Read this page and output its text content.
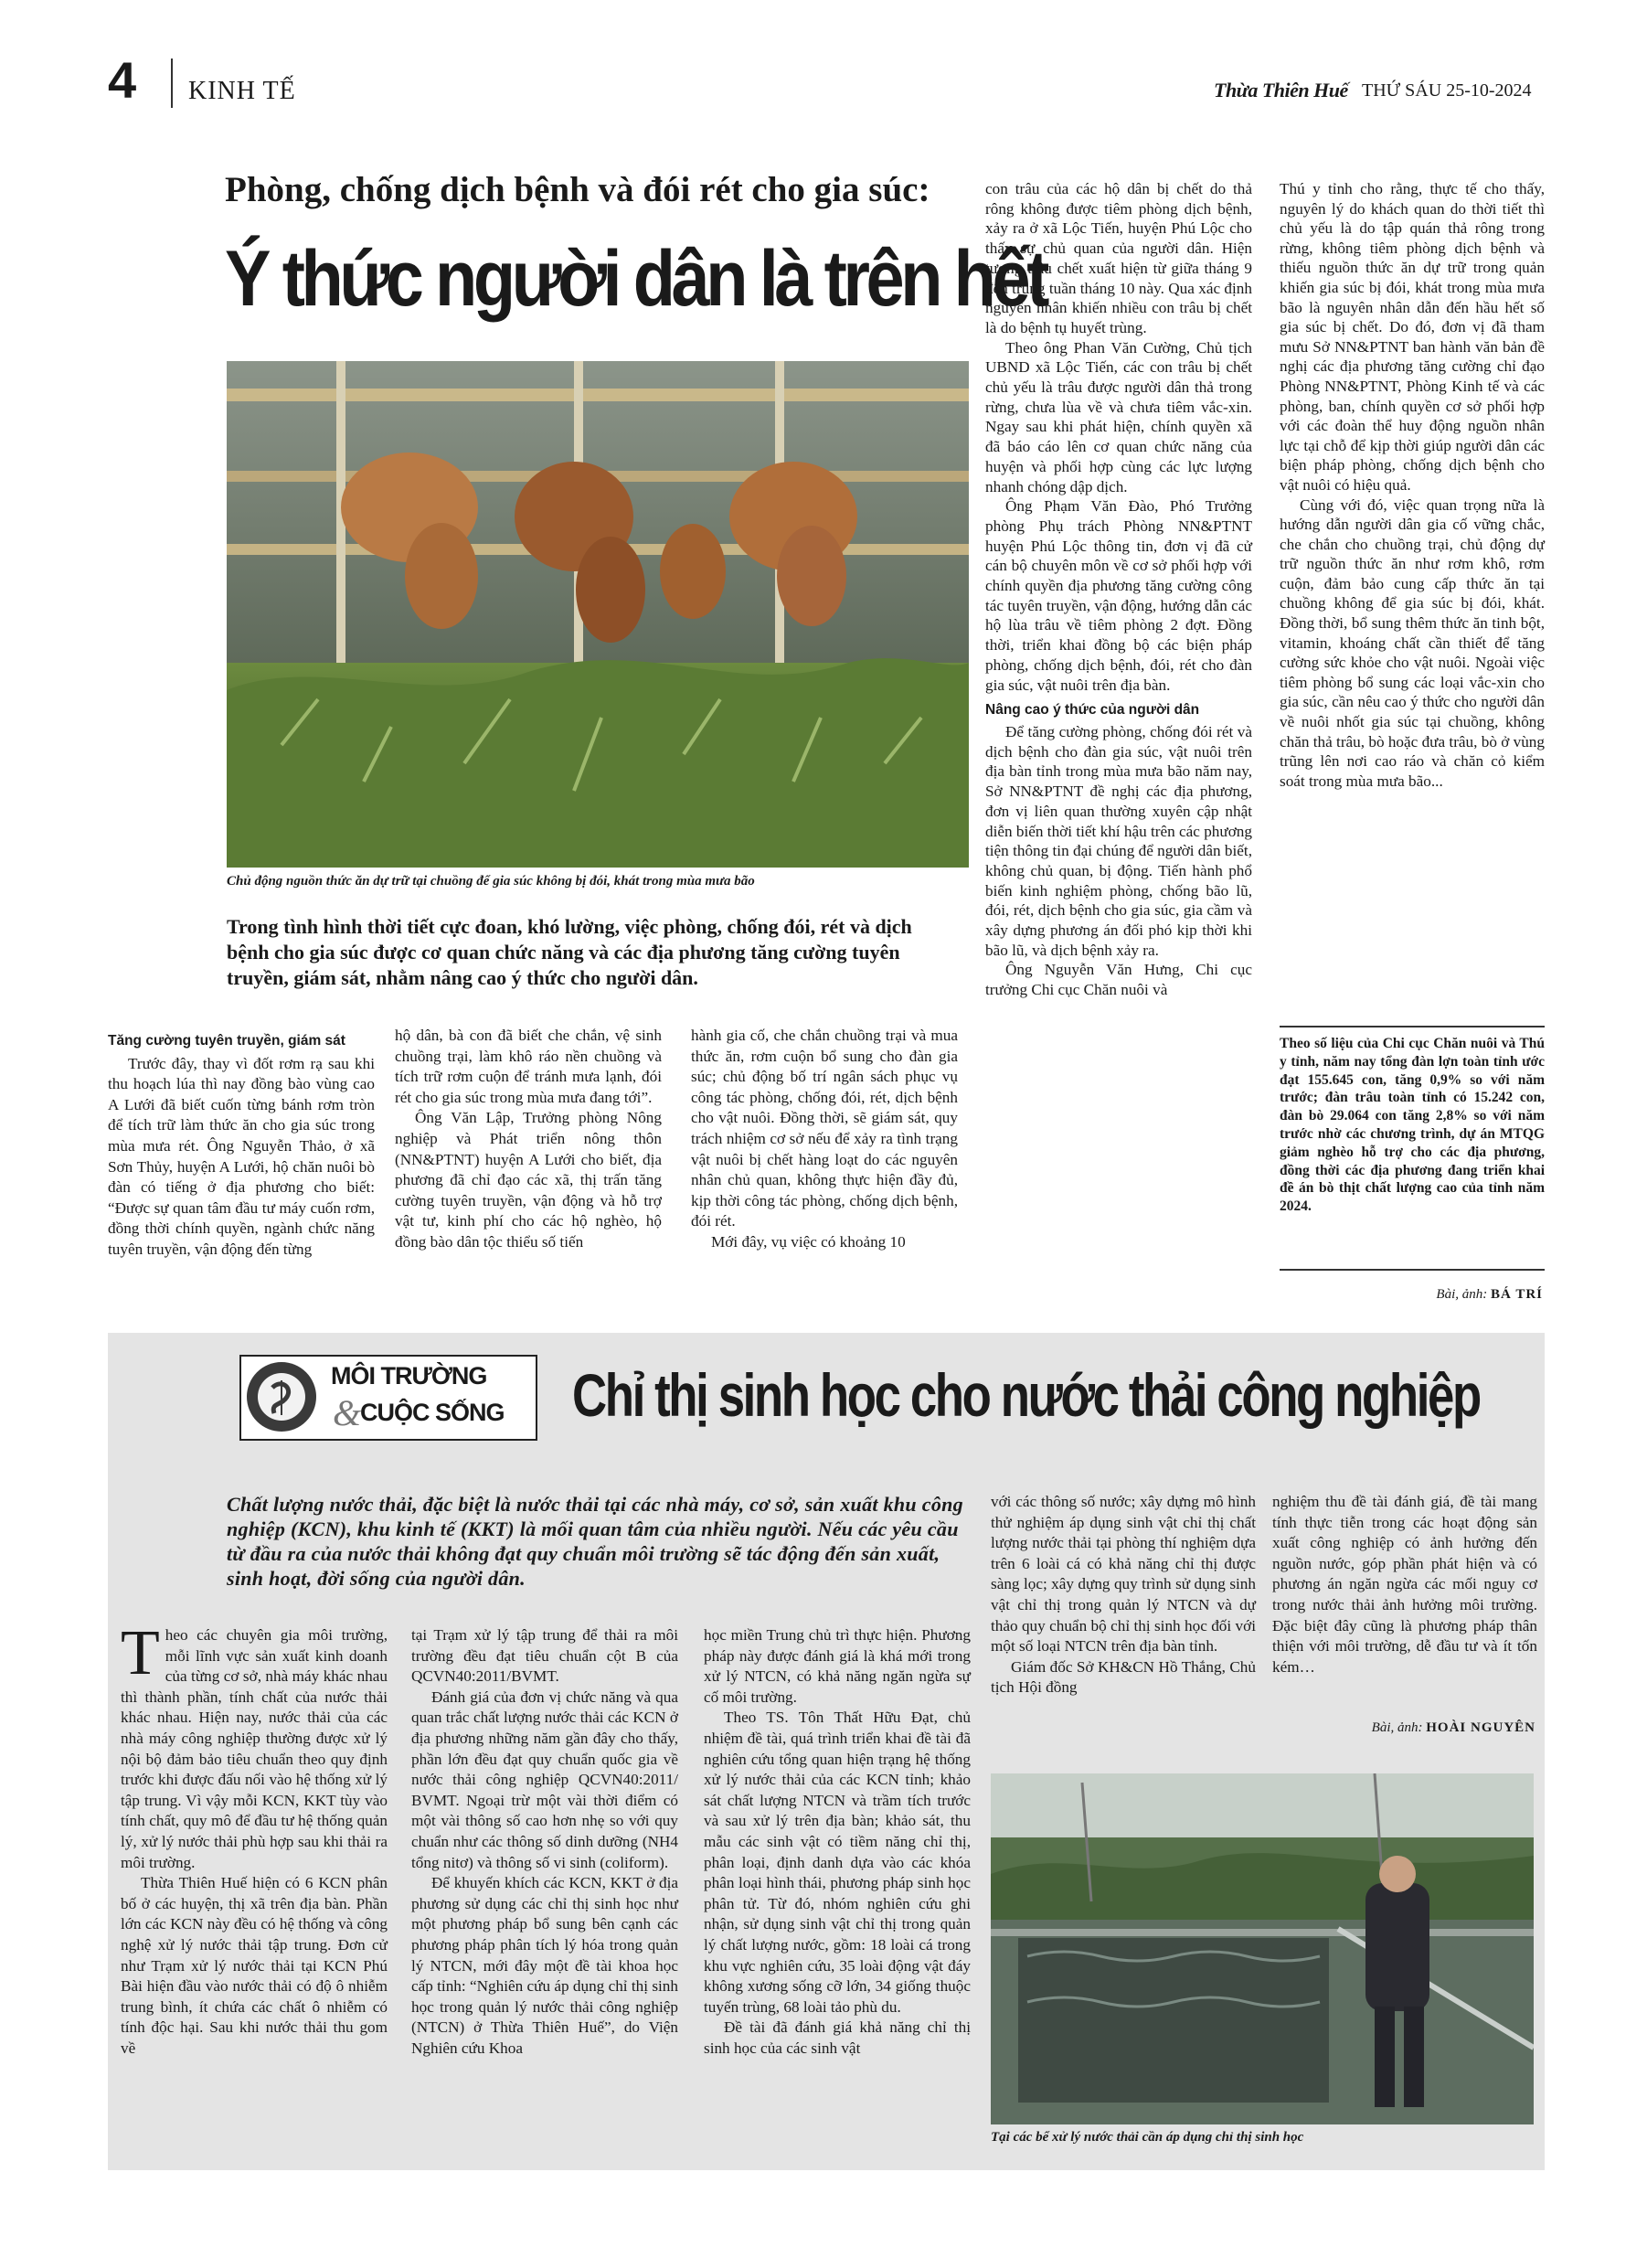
4 KINH TẾ	Thừa Thiên Huế THỨ SÁU 25-10-2024
Phòng, chống dịch bệnh và đói rét cho gia súc:
Ý thức người dân là trên hết
Chủ động nguồn thức ăn dự trữ tại chuồng để gia súc không bị đói, khát trong mùa mưa bão
Trong tình hình thời tiết cực đoan, khó lường, việc phòng, chống đói, rét và dịch bệnh cho gia súc được cơ quan chức năng và các địa phương tăng cường tuyên truyền, giám sát, nhằm nâng cao ý thức cho người dân.

Tăng cường tuyên truyền, giám sát

Trước đây, thay vì đốt rơm rạ sau khi thu hoạch lúa thì nay đồng bào vùng cao A Lưới đã biết cuốn từng bánh rơm tròn để tích trữ làm thức ăn cho gia súc trong mùa mưa rét. Ông Nguyễn Thảo, ở xã Sơn Thủy, huyện A Lưới, hộ chăn nuôi bò đàn có tiếng ở địa phương cho biết: “Được sự quan tâm đầu tư máy cuốn rơm, đồng thời chính quyền, ngành chức năng tuyên truyền, vận động đến từng

hộ dân, bà con đã biết che chắn, vệ sinh chuồng trại, làm khô ráo nền chuồng và tích trữ rơm cuộn để tránh mưa lạnh, đói rét cho gia súc trong mùa mưa đang tới”.

Ông Văn Lập, Trưởng phòng Nông nghiệp và Phát triển nông thôn (NN&PTNT) huyện A Lưới cho biết, địa phương đã chỉ đạo các xã, thị trấn tăng cường tuyên truyền, vận động và hỗ trợ vật tư, kinh phí cho các hộ nghèo, hộ đồng bào dân tộc thiểu số tiến

hành gia cố, che chắn chuồng trại và mua thức ăn, rơm cuộn bổ sung cho đàn gia súc; chủ động bố trí ngân sách phục vụ công tác phòng, chống đói, rét, dịch bệnh cho vật nuôi. Đồng thời, sẽ giám sát, quy trách nhiệm cơ sở nếu để xảy ra tình trạng vật nuôi bị chết hàng loạt do các nguyên nhân chủ quan, không thực hiện đầy đủ, kịp thời công tác phòng, chống dịch bệnh, đói rét.

Mới đây, vụ việc có khoảng 10

con trâu của các hộ dân bị chết do thả rông không được tiêm phòng dịch bệnh, xảy ra ở xã Lộc Tiến, huyện Phú Lộc cho thấy sự chủ quan của người dân. Hiện tượng trâu chết xuất hiện từ giữa tháng 9 đến trung tuần tháng 10 này. Qua xác định nguyên nhân khiến nhiều con trâu bị chết là do bệnh tụ huyết trùng.

Theo ông Phan Văn Cường, Chủ tịch UBND xã Lộc Tiến, các con trâu bị chết chủ yếu là trâu được người dân thả trong rừng, chưa lùa về và chưa tiêm vắc-xin. Ngay sau khi phát hiện, chính quyền xã đã báo cáo lên cơ quan chức năng của huyện và phối hợp cùng các lực lượng nhanh chóng dập dịch.

Ông Phạm Văn Đào, Phó Trưởng phòng Phụ trách Phòng NN&PTNT huyện Phú Lộc thông tin, đơn vị đã cử cán bộ chuyên môn về cơ sở phối hợp với chính quyền địa phương tăng cường công tác tuyên truyền, vận động, hướng dẫn các hộ lùa trâu về tiêm phòng 2 đợt. Đồng thời, triển khai đồng bộ các biện pháp phòng, chống dịch bệnh, đói, rét cho đàn gia súc, vật nuôi trên địa bàn.

Nâng cao ý thức của người dân

Để tăng cường phòng, chống đói rét và dịch bệnh cho đàn gia súc, vật nuôi trên địa bàn tỉnh trong mùa mưa bão năm nay, Sở NN&PTNT đề nghị các địa phương, đơn vị liên quan thường xuyên cập nhật diễn biến thời tiết khí hậu trên các phương tiện thông tin đại chúng để người dân biết, không chủ quan, bị động. Tiến hành phổ biến kinh nghiệm phòng, chống bão lũ, đói, rét, dịch bệnh cho gia súc, gia cầm và xây dựng phương án đối phó kịp thời khi bão lũ, và dịch bệnh xảy ra.

Ông Nguyễn Văn Hưng, Chi cục trưởng Chi cục Chăn nuôi và

Thú y tỉnh cho rằng, thực tế cho thấy, nguyên lý do khách quan do thời tiết thì chủ yếu là do tập quán thả rông trong rừng, không tiêm phòng dịch bệnh và thiếu nguồn thức ăn dự trữ trong quản khiến gia súc bị đói, khát trong mùa mưa bão là nguyên nhân dẫn đến hầu hết số gia súc bị chết. Do đó, đơn vị đã tham mưu Sở NN&PTNT ban hành văn bản đề nghị các địa phương tăng cường chỉ đạo Phòng NN&PTNT, Phòng Kinh tế và các phòng, ban, chính quyền cơ sở phối hợp với các đoàn thể huy động nguồn nhân lực tại chỗ để kịp thời giúp người dân các biện pháp phòng, chống dịch bệnh cho vật nuôi có hiệu quả.

Cùng với đó, việc quan trọng nữa là hướng dẫn người dân gia cố vững chắc, che chắn cho chuồng trại, chủ động dự trữ nguồn thức ăn như rơm khô, rơm cuộn, đảm bảo cung cấp thức ăn tại chuồng không để gia súc bị đói, khát. Đồng thời, bổ sung thêm thức ăn tinh bột, vitamin, khoáng chất cần thiết để tăng cường sức khỏe cho vật nuôi. Ngoài việc tiêm phòng bổ sung các loại vắc-xin cho gia súc, cần nêu cao ý thức cho người dân về nuôi nhốt gia súc tại chuồng, không chăn thả trâu, bò hoặc đưa trâu, bò ở vùng trũng lên nơi cao ráo và chăn cỏ kiểm soát trong mùa mưa bão...

Theo số liệu của Chi cục Chăn nuôi và Thú y tỉnh, năm nay tổng đàn lợn toàn tỉnh ước đạt 155.645 con, tăng 0,9% so với năm trước; đàn trâu toàn tỉnh có 15.242 con, đàn bò 29.064 con tăng 2,8% so với năm trước nhờ các chương trình, dự án MTQG giảm nghèo hỗ trợ cho các địa phương, đồng thời các địa phương đang triển khai đề án bò thịt chất lượng cao của tỉnh năm 2024.
Bài, ảnh: BÁ TRÍ
MÔI TRƯỜNG
&
CUỘC SỐNG Chỉ thị sinh học cho nước thải công nghiệp
Chất lượng nước thải, đặc biệt là nước thải tại các nhà máy, cơ sở, sản xuất khu công nghiệp (KCN), khu kinh tế (KKT) là mối quan tâm của nhiều người. Nếu các yêu cầu từ đầu ra của nước thải không đạt quy chuẩn môi trường sẽ tác động đến sản xuất, sinh hoạt, đời sống của người dân.

Theo các chuyên gia môi trường, mỗi lĩnh vực sản xuất kinh doanh của từng cơ sở, nhà máy khác nhau thì thành phần, tính chất của nước thải khác nhau. Hiện nay, nước thải của các nhà máy công nghiệp thường được xử lý nội bộ đảm bảo tiêu chuẩn theo quy định trước khi được đấu nối vào hệ thống xử lý tập trung. Vì vậy mỗi KCN, KKT tùy vào tính chất, quy mô để đầu tư hệ thống quản lý, xử lý nước thải phù hợp sau khi thải ra môi trường.

Thừa Thiên Huế hiện có 6 KCN phân bố ở các huyện, thị xã trên địa bàn. Phần lớn các KCN này đều có hệ thống và công nghệ xử lý nước thải tập trung. Đơn cử như Trạm xử lý nước thải tại KCN Phú Bài hiện đầu vào nước thải có độ ô nhiễm trung bình, ít chứa các chất ô nhiễm có tính độc hại. Sau khi nước thải thu gom về

tại Trạm xử lý tập trung để thải ra môi trường đều đạt tiêu chuẩn cột B của QCVN40:2011/BVMT.

Đánh giá của đơn vị chức năng và qua quan trắc chất lượng nước thải các KCN ở địa phương những năm gần đây cho thấy, phần lớn đều đạt quy chuẩn quốc gia về nước thải công nghiệp QCVN40:2011/ BVMT. Ngoại trừ một vài thời điểm có một vài thông số cao hơn nhẹ so với quy chuẩn như các thông số dinh dưỡng (NH4 tổng nitơ) và thông số vi sinh (coliform).

Để khuyến khích các KCN, KKT ở địa phương sử dụng các chỉ thị sinh học như một phương pháp bổ sung bên cạnh các phương pháp phân tích lý hóa trong quản lý NTCN, mới đây một đề tài khoa học cấp tỉnh: “Nghiên cứu áp dụng chỉ thị sinh học trong quản lý nước thải công nghiệp (NTCN) ở Thừa Thiên Huế”, do Viện Nghiên cứu Khoa

học miền Trung chủ trì thực hiện. Phương pháp này được đánh giá là khá mới trong xử lý NTCN, có khả năng ngăn ngừa sự cố môi trường.

Theo TS. Tôn Thất Hữu Đạt, chủ nhiệm đề tài, quá trình triển khai đề tài đã nghiên cứu tổng quan hiện trạng hệ thống xử lý nước thải của các KCN tỉnh; khảo sát chất lượng NTCN và trầm tích trước và sau xử lý trên địa bàn; khảo sát, thu mẫu các sinh vật có tiềm năng chỉ thị, phân loại, định danh dựa vào các khóa phân loại hình thái, phương pháp sinh học phân tử. Từ đó, nhóm nghiên cứu ghi nhận, sử dụng sinh vật chỉ thị trong quản lý chất lượng nước, gồm: 18 loài cá trong khu vực nghiên cứu, 35 loài động vật đáy không xương sống cỡ lớn, 34 giống thuộc tuyến trùng, 68 loài tảo phù du.

Đề tài đã đánh giá khả năng chỉ thị sinh học của các sinh vật

với các thông số nước; xây dựng mô hình thử nghiệm áp dụng sinh vật chỉ thị chất lượng nước thải tại phòng thí nghiệm dựa trên 6 loài cá có khả năng chỉ thị được sàng lọc; xây dựng quy trình sử dụng sinh vật chỉ thị trong quản lý NTCN và dự thảo quy chuẩn bộ chỉ thị sinh học đối với một số loại NTCN trên địa bàn tỉnh.

Giám đốc Sở KH&CN Hồ Thắng, Chủ tịch Hội đồng

nghiệm thu đề tài đánh giá, đề tài mang tính thực tiễn trong các hoạt động sản xuất công nghiệp có ảnh hưởng đến nguồn nước, góp phần phát hiện và có phương án ngăn ngừa các mối nguy cơ trong nước thải ảnh hưởng môi trường. Đặc biệt đây cũng là phương pháp thân thiện với môi trường, dễ đầu tư và ít tốn kém…

Bài, ảnh: HOÀI NGUYÊN
Tại các bể xử lý nước thải cần áp dụng chỉ thị sinh học
